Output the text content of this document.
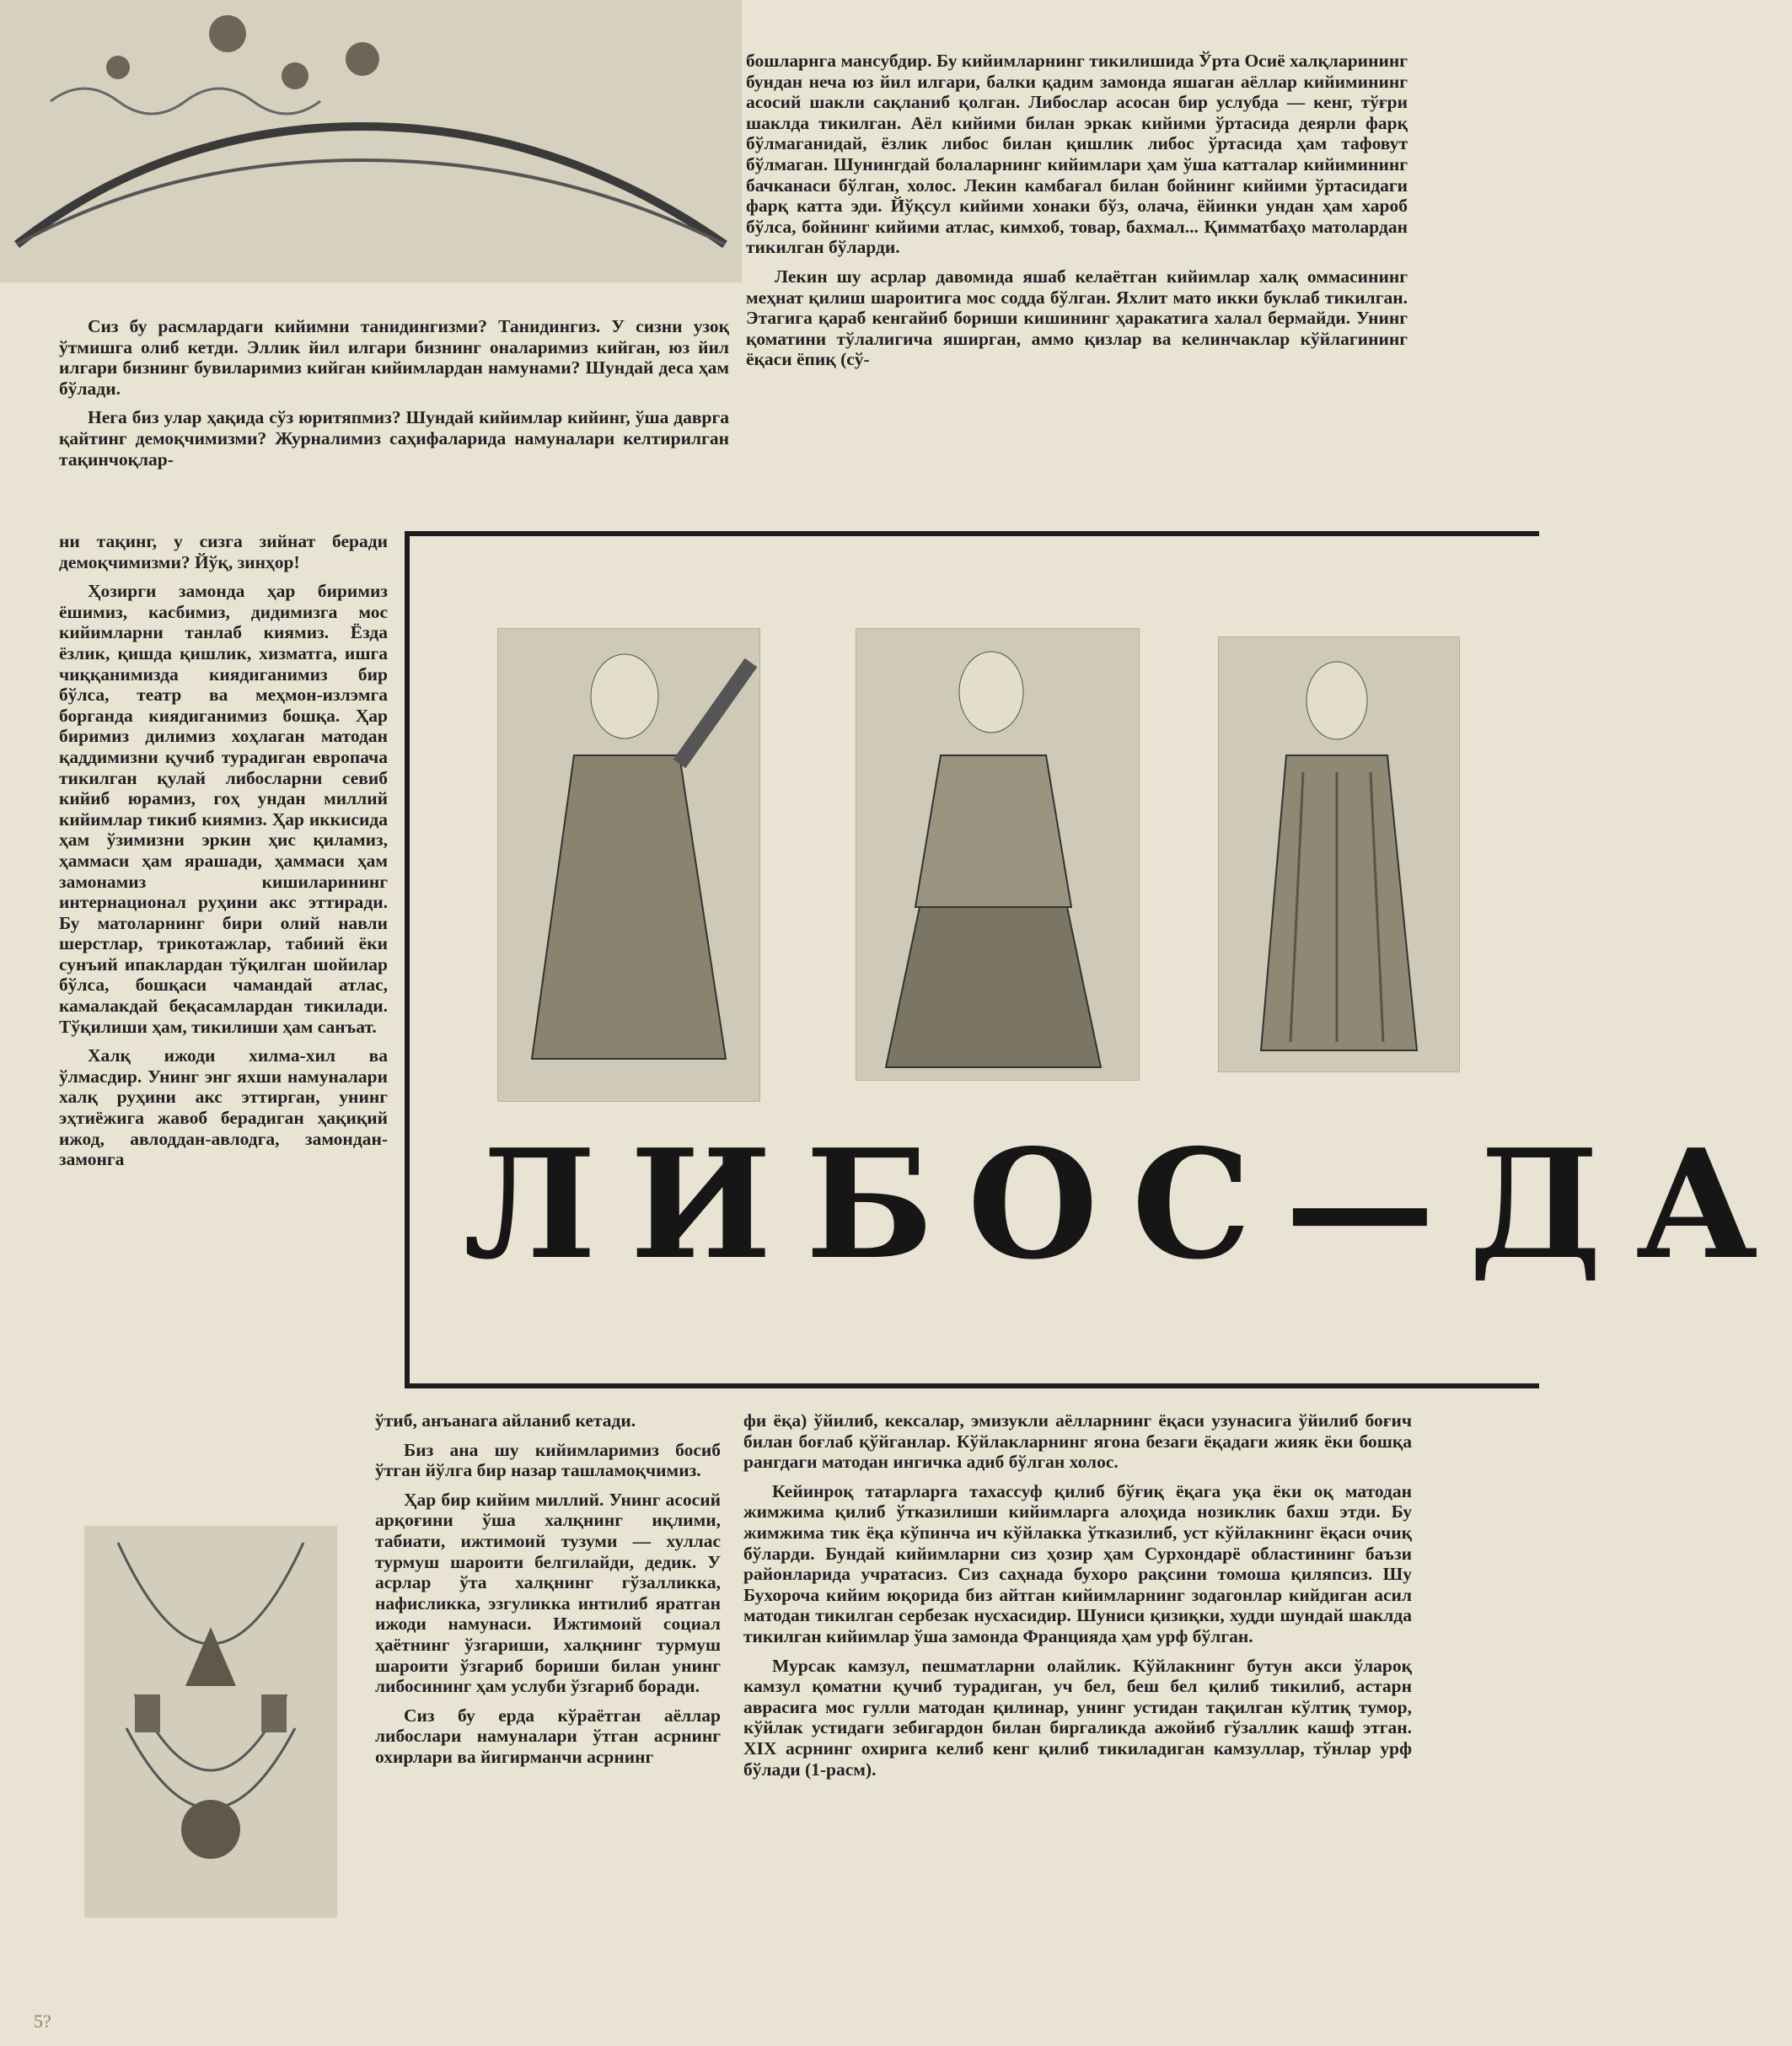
Сиз бу расмлардаги кийимни танидингизми? Танидингиз. У сизни узоқ ўтмишга олиб кетди. Эллик йил илгари бизнинг оналаримиз кийган, юз йил илгари бизнинг бувиларимиз кийган кийимлардан намунами? Шундай деса ҳам бўлади.

Нега биз улар ҳақида сўз юритяпмиз? Шундай кийимлар кийинг, ўша даврга қайтинг демоқчимизми? Журналимиз саҳифаларида намуналари келтирилган тақинчоқлар-

ни тақинг, у сизга зийнат беради демоқчимизми? Йўқ, зинҳор!

Ҳозирги замонда ҳар биримиз ёшимиз, касбимиз, дидимизга мос кийимларни танлаб киямиз. Ёзда ёзлик, қишда қишлик, хизматга, ишга чиққанимизда киядиганимиз бир бўлса, театр ва меҳмон-излэмга борганда киядиганимиз бошқа. Ҳар биримиз дилимиз хоҳлаган матодан қаддимизни қучиб турадиган европача тикилган қулай либосларни севиб кийиб юрамиз, гоҳ ундан миллий кийимлар тикиб киямиз. Ҳар иккисида ҳам ўзимизни эркин ҳис қиламиз, ҳаммаси ҳам ярашади, ҳаммаси ҳам замонамиз кишиларининг интернационал руҳини акс эттиради. Бу матоларнинг бири олий навли шерстлар, трикотажлар, табиий ёки сунъий ипаклардан тўқилган шойилар бўлса, бошқаси чамандай атлас, камалакдай беқасамлардан тикилади. Тўқилиши ҳам, тикилиши ҳам санъат.

Халқ ижоди хилма-хил ва ўлмасдир. Унинг энг яхши намуналари халқ руҳини акс эттирган, унинг эҳтиёжига жавоб берадиган ҳақиқий ижод, авлоддан-авлодга, замондан-замонга

бошларнга мансубдир. Бу кийимларнинг тикилишида Ўрта Осиё халқларининг бундан неча юз йил илгари, балки қадим замонда яшаган аёллар кийимининг асосий шакли сақланиб қолган. Либослар асосан бир услубда — кенг, тўғри шаклда тикилган. Аёл кийими билан эркак кийими ўртасида деярли фарқ бўлмаганидай, ёзлик либос билан қишлик либос ўртасида ҳам тафовут бўлмаган. Шунингдай болаларнинг кийимлари ҳам ўша катталар кийимининг бачканаси бўлган, холос. Лекин камбағал билан бойнинг кийими ўртасидаги фарқ катта эди. Йўқсул кийими хонаки бўз, олача, ёйинки ундан ҳам хароб бўлса, бойнинг кийими атлас, кимхоб, товар, бахмал... Қимматбаҳо матолардан тикилган бўларди.

Лекин шу асрлар давомида яшаб келаётган кийимлар халқ оммасининг меҳнат қилиш шароитига мос содда бўлган. Яхлит мато икки буклаб тикилган. Этагига қараб кенгайиб бориши кишининг ҳаракатига халал бермайди. Унинг қоматини тўлалигича яширган, аммо қизлар ва келинчаклар кўйлагининг ёқаси ёпиқ (сў-

ЛИБОС—ДА

ўтиб, анъанага айланиб кетади.

Биз ана шу кийимларимиз босиб ўтган йўлга бир назар ташламоқчимиз.

Ҳар бир кийим миллий. Унинг асосий арқоғини ўша халқнинг иқлими, табиати, ижтимоий тузуми — хуллас турмуш шароити белгилайди, дедик. У асрлар ўта халқнинг гўзалликка, нафисликка, эзгуликка интилиб яратган ижоди намунаси. Ижтимоий социал ҳаётнинг ўзгариши, халқнинг турмуш шароити ўзгариб бориши билан унинг либосининг ҳам услуби ўзгариб боради.

Сиз бу ерда кўраётган аёллар либослари намуналари ўтган асрнинг охирлари ва йигирманчи асрнинг

фи ёқа) ўйилиб, кексалар, эмизукли аёлларнинг ёқаси узунасига ўйилиб боғич билан боғлаб қўйганлар. Кўйлакларнинг ягона безаги ёқадаги жияк ёки бошқа рангдаги матодан ингичка адиб бўлган холос.

Кейинроқ татарларга тахассуф қилиб бўғиқ ёқага уқа ёки оқ матодан жимжима қилиб ўтказилиши кийимларга алоҳида нозиклик бахш этди. Бу жимжима тик ёқа кўпинча ич кўйлакка ўтказилиб, уст кўйлакнинг ёқаси очиқ бўларди. Бундай кийимларни сиз ҳозир ҳам Сурхондарё областининг баъзи районларида учратасиз. Сиз саҳнада бухоро рақсини томоша қиляпсиз. Шу Бухороча кийим юқорида биз айтган кийимларнинг зодагонлар кийдиган асил матодан тикилган сербезак нусхасидир. Шуниси қизиқки, худди шундай шаклда тикилган кийимлар ўша замонда Францияда ҳам урф бўлган.

Мурсак камзул, пешматларни олайлик. Кўйлакнинг бутун акси ўлароқ камзул қоматни қучиб турадиган, уч бел, беш бел қилиб тикилиб, астарн аврасига мос гулли матодан қилинар, унинг устидан тақилган кўлтиқ тумор, кўйлак устидаги зебигардон билан биргаликда ажойиб гўзаллик кашф этган. XIX асрнинг охирига келиб кенг қилиб тикиладиган камзуллар, тўнлар урф бўлади (1-расм).

5?
